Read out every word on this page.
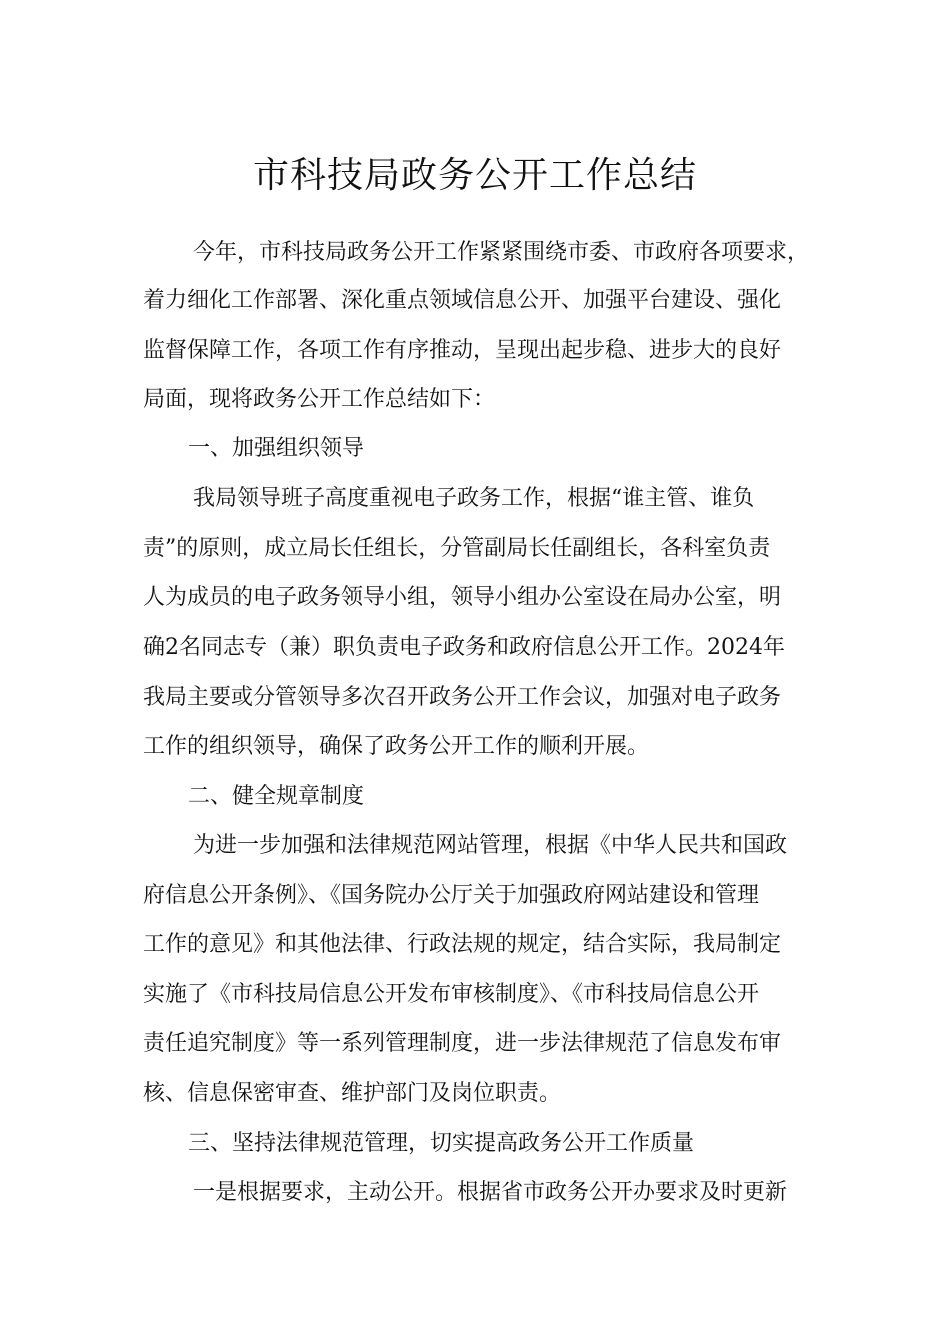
市科技局政务公开工作总结
今年，市科技局政务公开工作紧紧围绕市委、市政府各项要求，
着力细化工作部署、深化重点领域信息公开、加强平台建设、强化
监督保障工作，各项工作有序推动，呈现出起步稳、进步大的良好
局面，现将政务公开工作总结如下：
一、加强组织领导
我局领导班子高度重视电子政务工作，根据“谁主管、谁负
责”的原则，成立局长任组长，分管副局长任副组长，各科室负责
人为成员的电子政务领导小组，领导小组办公室设在局办公室，明
确2名同志专（兼）职负责电子政务和政府信息公开工作。2024年
我局主要或分管领导多次召开政务公开工作会议，加强对电子政务
工作的组织领导，确保了政务公开工作的顺利开展。
二、健全规章制度
为进一步加强和法律规范网站管理，根据《中华人民共和国政
府信息公开条例》、《国务院办公厅关于加强政府网站建设和管理
工作的意见》和其他法律、行政法规的规定，结合实际，我局制定
实施了《市科技局信息公开发布审核制度》、《市科技局信息公开
责任追究制度》等一系列管理制度，进一步法律规范了信息发布审
核、信息保密审查、维护部门及岗位职责。
三、坚持法律规范管理，切实提高政务公开工作质量
一是根据要求，主动公开。根据省市政务公开办要求及时更新
